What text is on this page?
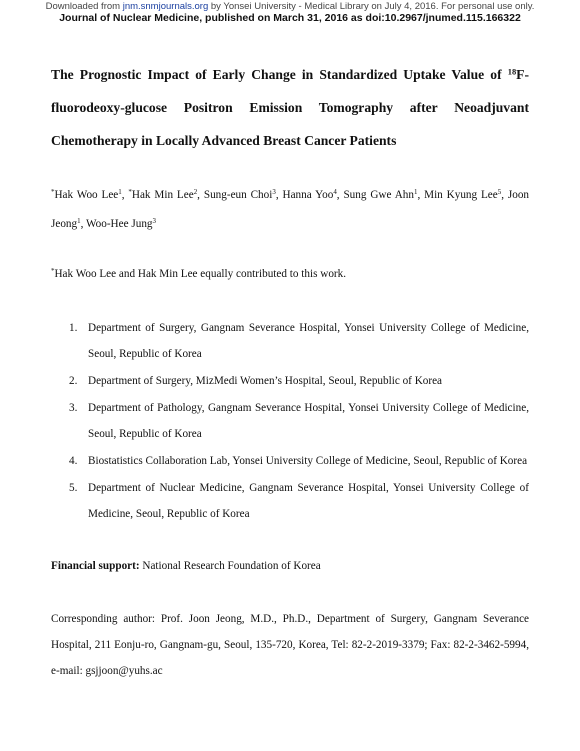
Downloaded from jnm.snmjournals.org by Yonsei University - Medical Library on July 4, 2016. For personal use only.
Journal of Nuclear Medicine, published on March 31, 2016 as doi:10.2967/jnumed.115.166322
The Prognostic Impact of Early Change in Standardized Uptake Value of $^{18}$F-
fluorodeoxy-glucose Positron Emission Tomography after Neoadjuvant
Chemotherapy in Locally Advanced Breast Cancer Patients
*Hak Woo Lee$^1$, *Hak Min Lee$^2$, Sung-eun Choi$^3$, Hanna Yoo$^4$, Sung Gwe Ahn$^1$, Min Kyung Lee$^5$, Joon
Jeong$^1$, Woo-Hee Jung$^3$
*Hak Woo Lee and Hak Min Lee equally contributed to this work.
1. Department of Surgery, Gangnam Severance Hospital, Yonsei University College of Medicine,
Seoul, Republic of Korea
2. Department of Surgery, MizMedi Women’s Hospital, Seoul, Republic of Korea
3. Department of Pathology, Gangnam Severance Hospital, Yonsei University College of Medicine,
Seoul, Republic of Korea
4. Biostatistics Collaboration Lab, Yonsei University College of Medicine, Seoul, Republic of Korea
5. Department of Nuclear Medicine, Gangnam Severance Hospital, Yonsei University College of
Medicine, Seoul, Republic of Korea
Financial support: National Research Foundation of Korea
Corresponding author: Prof. Joon Jeong, M.D., Ph.D., Department of Surgery, Gangnam Severance
Hospital, 211 Eonju-ro, Gangnam-gu, Seoul, 135-720, Korea, Tel: 82-2-2019-3379; Fax: 82-2-3462-5994,
e-mail: gsjjoon@yuhs.ac
